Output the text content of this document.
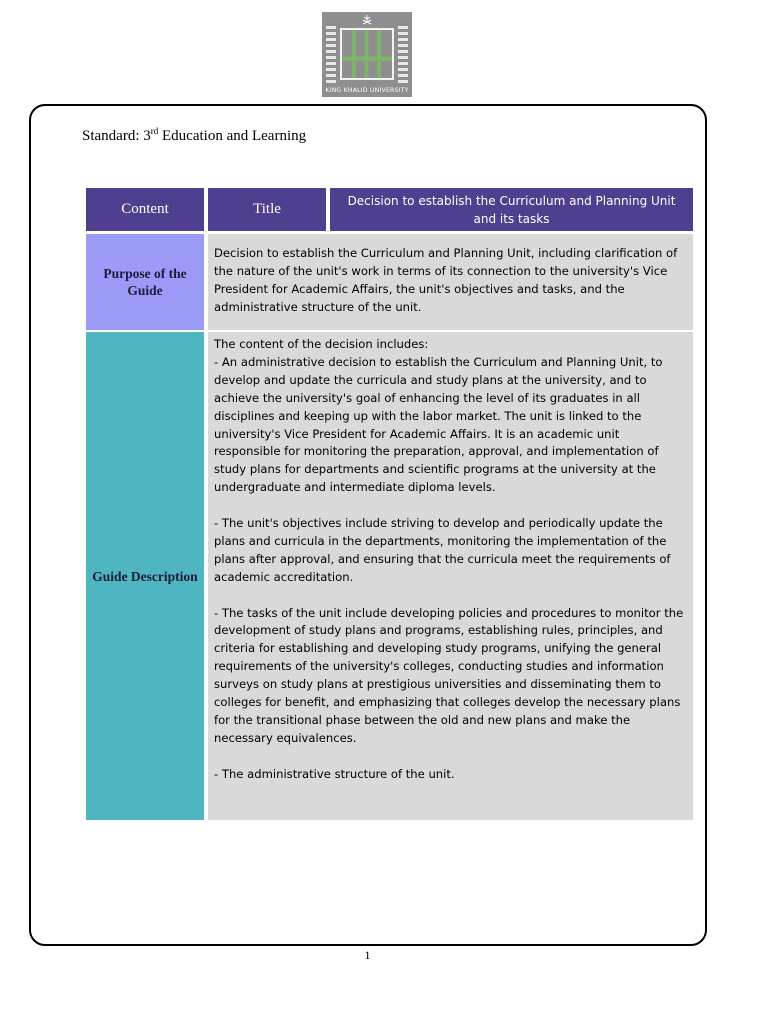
KING KHALID UNIVERSITY
Standard: 3rd Education and Learning
Content	Title
Decision to establish the Curriculum and Planning Unit and its tasks
Purpose of the Guide

Decision to establish the Curriculum and Planning Unit, including clarification of the nature of the unit's work in terms of its connection to the university's Vice President for Academic Affairs, the unit's objectives and tasks, and the administrative structure of the unit.

Guide Description

The content of the decision includes:
- An administrative decision to establish the Curriculum and Planning Unit, to develop and update the curricula and study plans at the university, and to achieve the university's goal of enhancing the level of its graduates in all disciplines and keeping up with the labor market. The unit is linked to the university's Vice President for Academic Affairs. It is an academic unit responsible for monitoring the preparation, approval, and implementation of study plans for departments and scientific programs at the university at the undergraduate and intermediate diploma levels.

- The unit's objectives include striving to develop and periodically update the plans and curricula in the departments, monitoring the implementation of the plans after approval, and ensuring that the curricula meet the requirements of academic accreditation.

- The tasks of the unit include developing policies and procedures to monitor the development of study plans and programs, establishing rules, principles, and criteria for establishing and developing study programs, unifying the general requirements of the university's colleges, conducting studies and information surveys on study plans at prestigious universities and disseminating them to colleges for benefit, and emphasizing that colleges develop the necessary plans for the transitional phase between the old and new plans and make the necessary equivalences.

- The administrative structure of the unit.

1
